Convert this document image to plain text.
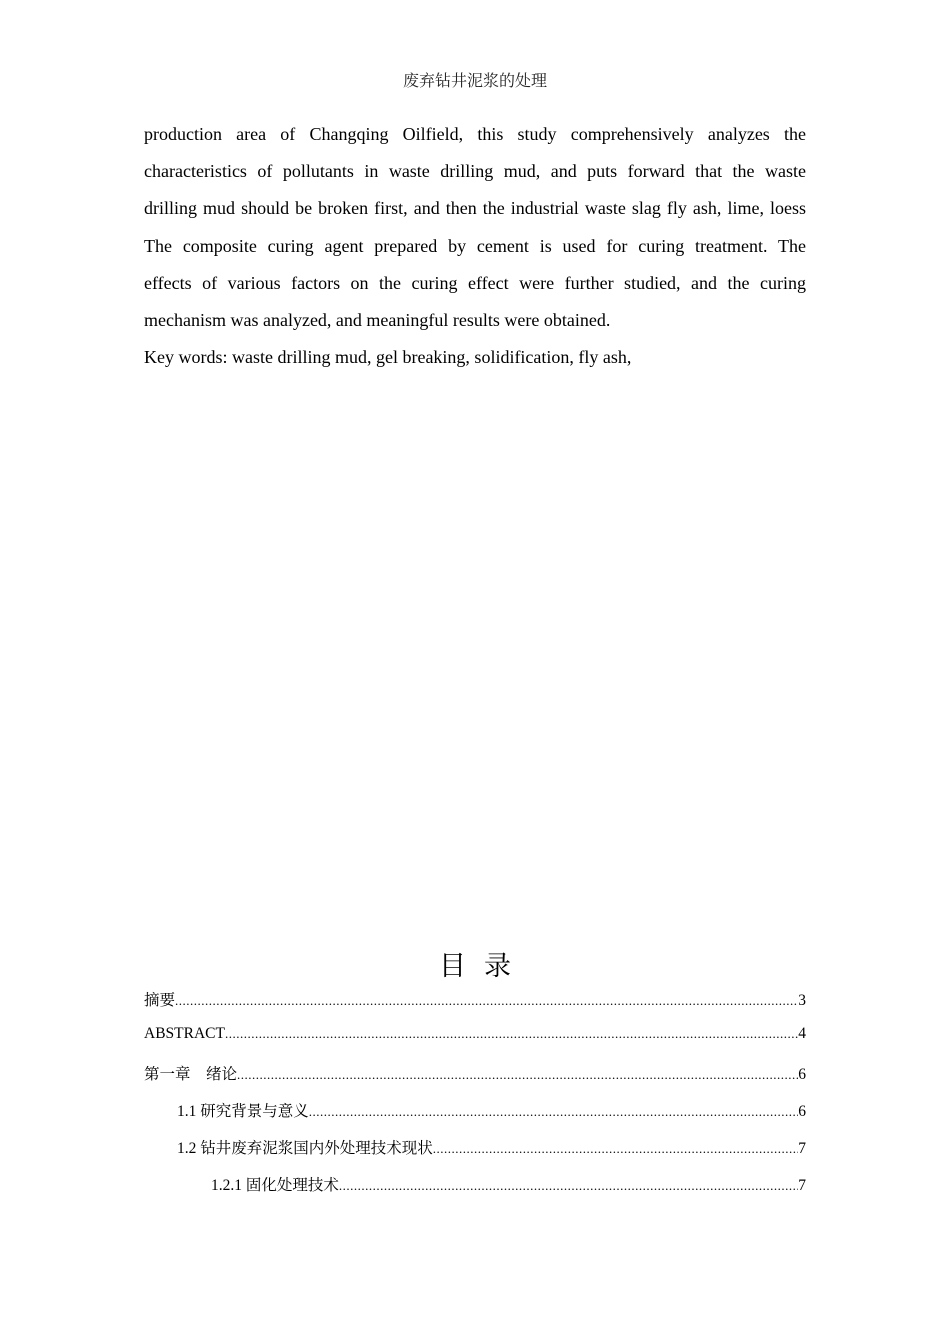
废弃钻井泥浆的处理
production area of Changqing Oilfield, this study comprehensively analyzes the
characteristics of pollutants in waste drilling mud, and puts forward that the waste
drilling mud should be broken first, and then the industrial waste slag fly ash, lime, loess
The composite curing agent prepared by cement is used for curing treatment. The
effects of various factors on the curing effect were further studied, and the curing
mechanism was analyzed, and meaningful results were obtained.
Key words: waste drilling mud, gel breaking, solidification, fly ash,
目录
摘要 .....	3
ABSTRACT .....	4
第一章　绪论 .....	6
1.1 研究背景与意义 .....	6
1.2 钻井废弃泥浆国内外处理技术现状 .....	7
1.2.1 固化处理技术 .....	7
